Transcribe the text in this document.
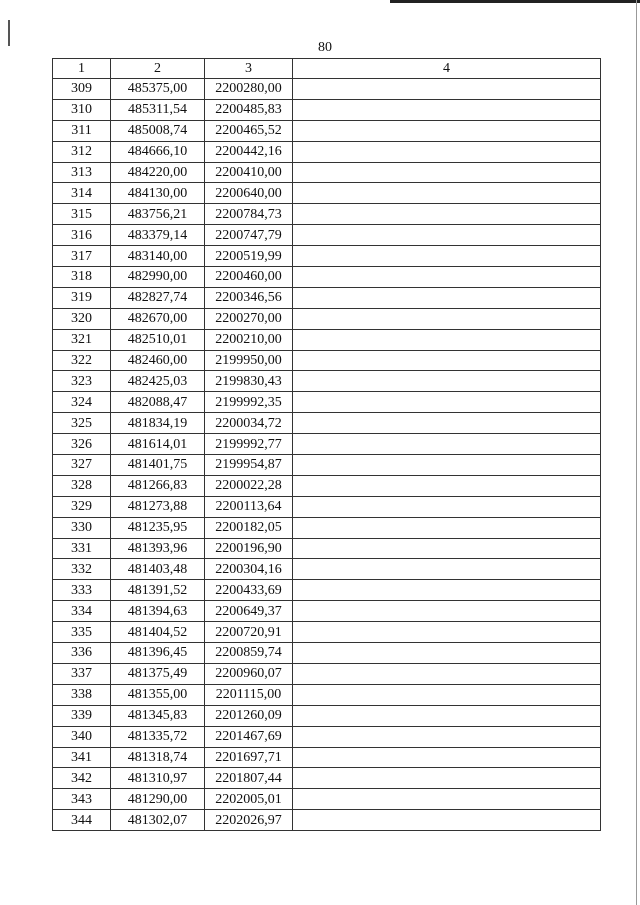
80
1	2	3	4
309	485375,00	2200280,00	
310	485311,54	2200485,83	
311	485008,74	2200465,52	
312	484666,10	2200442,16	
313	484220,00	2200410,00	
314	484130,00	2200640,00	
315	483756,21	2200784,73	
316	483379,14	2200747,79	
317	483140,00	2200519,99	
318	482990,00	2200460,00	
319	482827,74	2200346,56	
320	482670,00	2200270,00	
321	482510,01	2200210,00	
322	482460,00	2199950,00	
323	482425,03	2199830,43	
324	482088,47	2199992,35	
325	481834,19	2200034,72	
326	481614,01	2199992,77	
327	481401,75	2199954,87	
328	481266,83	2200022,28	
329	481273,88	2200113,64	
330	481235,95	2200182,05	
331	481393,96	2200196,90	
332	481403,48	2200304,16	
333	481391,52	2200433,69	
334	481394,63	2200649,37	
335	481404,52	2200720,91	
336	481396,45	2200859,74	
337	481375,49	2200960,07	
338	481355,00	2201115,00	
339	481345,83	2201260,09	
340	481335,72	2201467,69	
341	481318,74	2201697,71	
342	481310,97	2201807,44	
343	481290,00	2202005,01	
344	481302,07	2202026,97	
